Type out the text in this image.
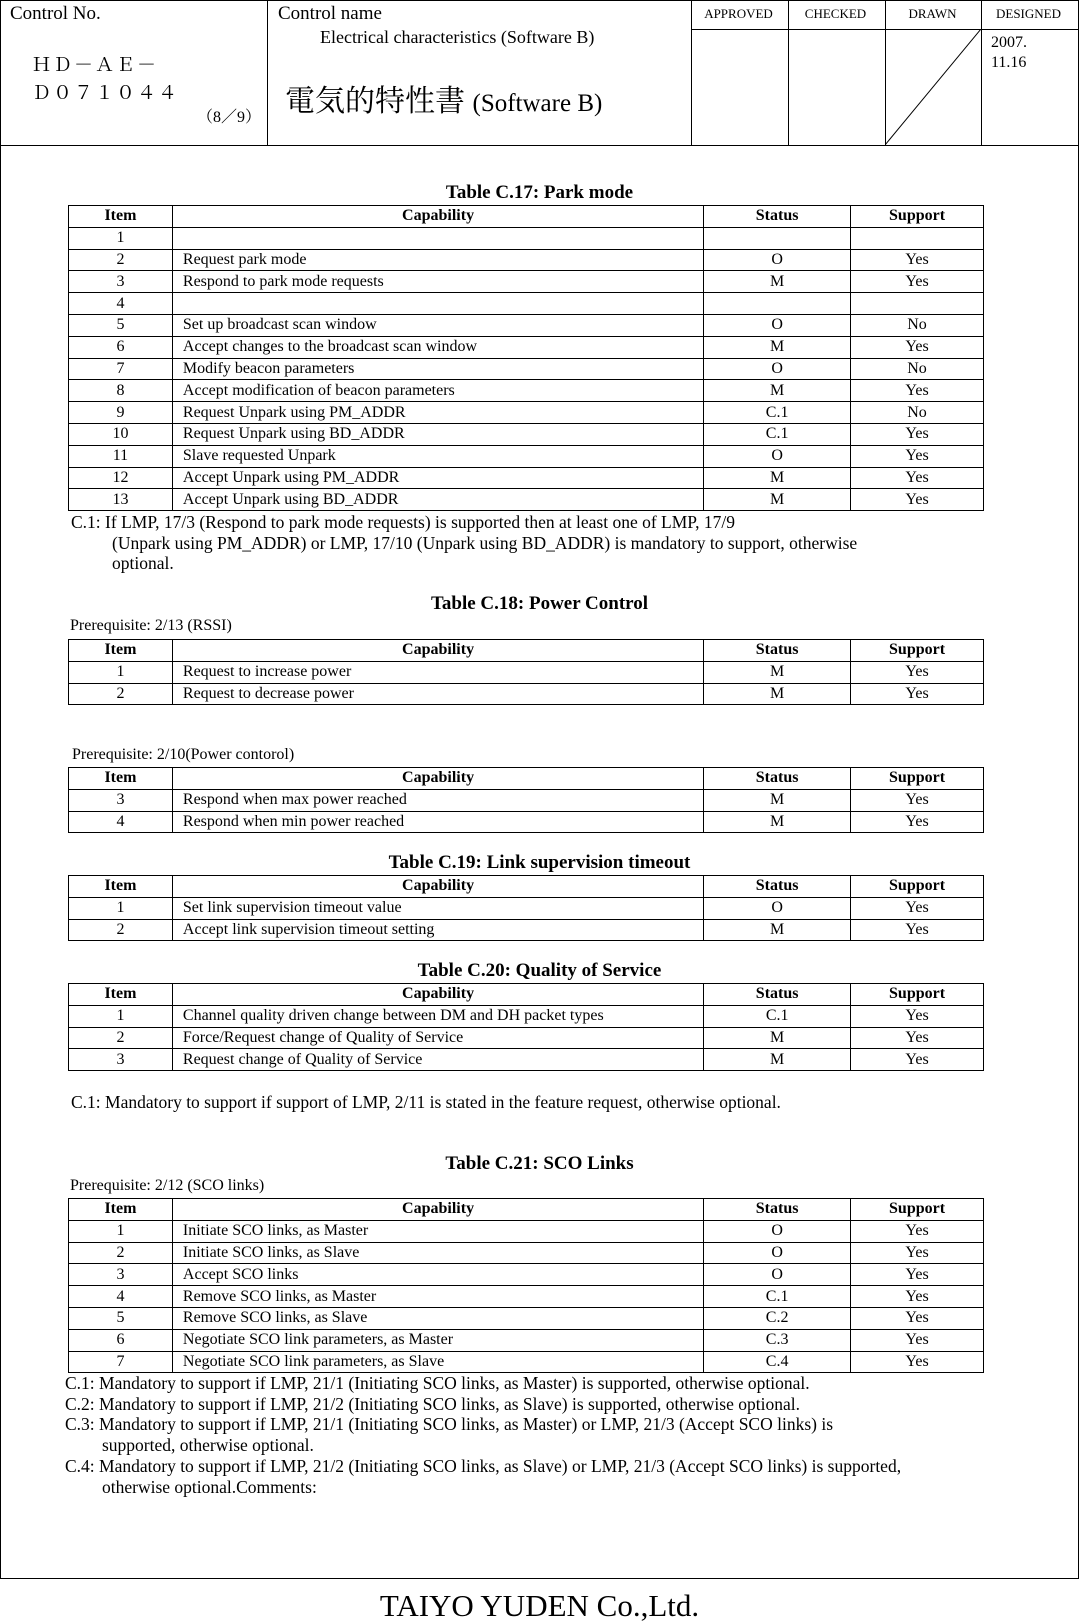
Control No.
ＨＤ－ＡＥ－
Ｄ０７１０４４
（8／9）
Control name
Electrical characteristics (Software B)
電気的特性書 (Software B)
APPROVED	CHECKED	DRAWN	DESIGNED
2007.
11.16
Table C.17: Park mode
Item	Capability	Status	Support
1			
2	Request park mode	O	Yes
3	Respond to park mode requests	M	Yes
4			
5	Set up broadcast scan window	O	No
6	Accept changes to the broadcast scan window	M	Yes
7	Modify beacon parameters	O	No
8	Accept modification of beacon parameters	M	Yes
9	Request Unpark using PM_ADDR	C.1	No
10	Request Unpark using BD_ADDR	C.1	Yes
11	Slave requested Unpark	O	Yes
12	Accept Unpark using PM_ADDR	M	Yes
13	Accept Unpark using BD_ADDR	M	Yes
C.1: If LMP, 17/3 (Respond to park mode requests) is supported then at least one of LMP, 17/9
(Unpark using PM_ADDR) or LMP, 17/10 (Unpark using BD_ADDR) is mandatory to support, otherwise
optional.
Table C.18: Power Control
Prerequisite: 2/13 (RSSI)
Item	Capability	Status	Support
1	Request to increase power	M	Yes
2	Request to decrease power	M	Yes
Prerequisite: 2/10(Power contorol)
Item	Capability	Status	Support
3	Respond when max power reached	M	Yes
4	Respond when min power reached	M	Yes
Table C.19: Link supervision timeout
Item	Capability	Status	Support
1	Set link supervision timeout value	O	Yes
2	Accept link supervision timeout setting	M	Yes
Table C.20: Quality of Service
Item	Capability	Status	Support
1	Channel quality driven change between DM and DH packet types	C.1	Yes
2	Force/Request change of Quality of Service	M	Yes
3	Request change of Quality of Service	M	Yes
C.1: Mandatory to support if support of LMP, 2/11 is stated in the feature request, otherwise optional.
Table C.21: SCO Links
Prerequisite: 2/12 (SCO links)
Item	Capability	Status	Support
1	Initiate SCO links, as Master	O	Yes
2	Initiate SCO links, as Slave	O	Yes
3	Accept SCO links	O	Yes
4	Remove SCO links, as Master	C.1	Yes
5	Remove SCO links, as Slave	C.2	Yes
6	Negotiate SCO link parameters, as Master	C.3	Yes
7	Negotiate SCO link parameters, as Slave	C.4	Yes
C.1: Mandatory to support if LMP, 21/1 (Initiating SCO links, as Master) is supported, otherwise optional.
C.2: Mandatory to support if LMP, 21/2 (Initiating SCO links, as Slave) is supported, otherwise optional.
C.3: Mandatory to support if LMP, 21/1 (Initiating SCO links, as Master) or LMP, 21/3 (Accept SCO links) is
supported, otherwise optional.
C.4: Mandatory to support if LMP, 21/2 (Initiating SCO links, as Slave) or LMP, 21/3 (Accept SCO links) is supported,
otherwise optional.Comments:
TAIYO YUDEN Co.,Ltd.
